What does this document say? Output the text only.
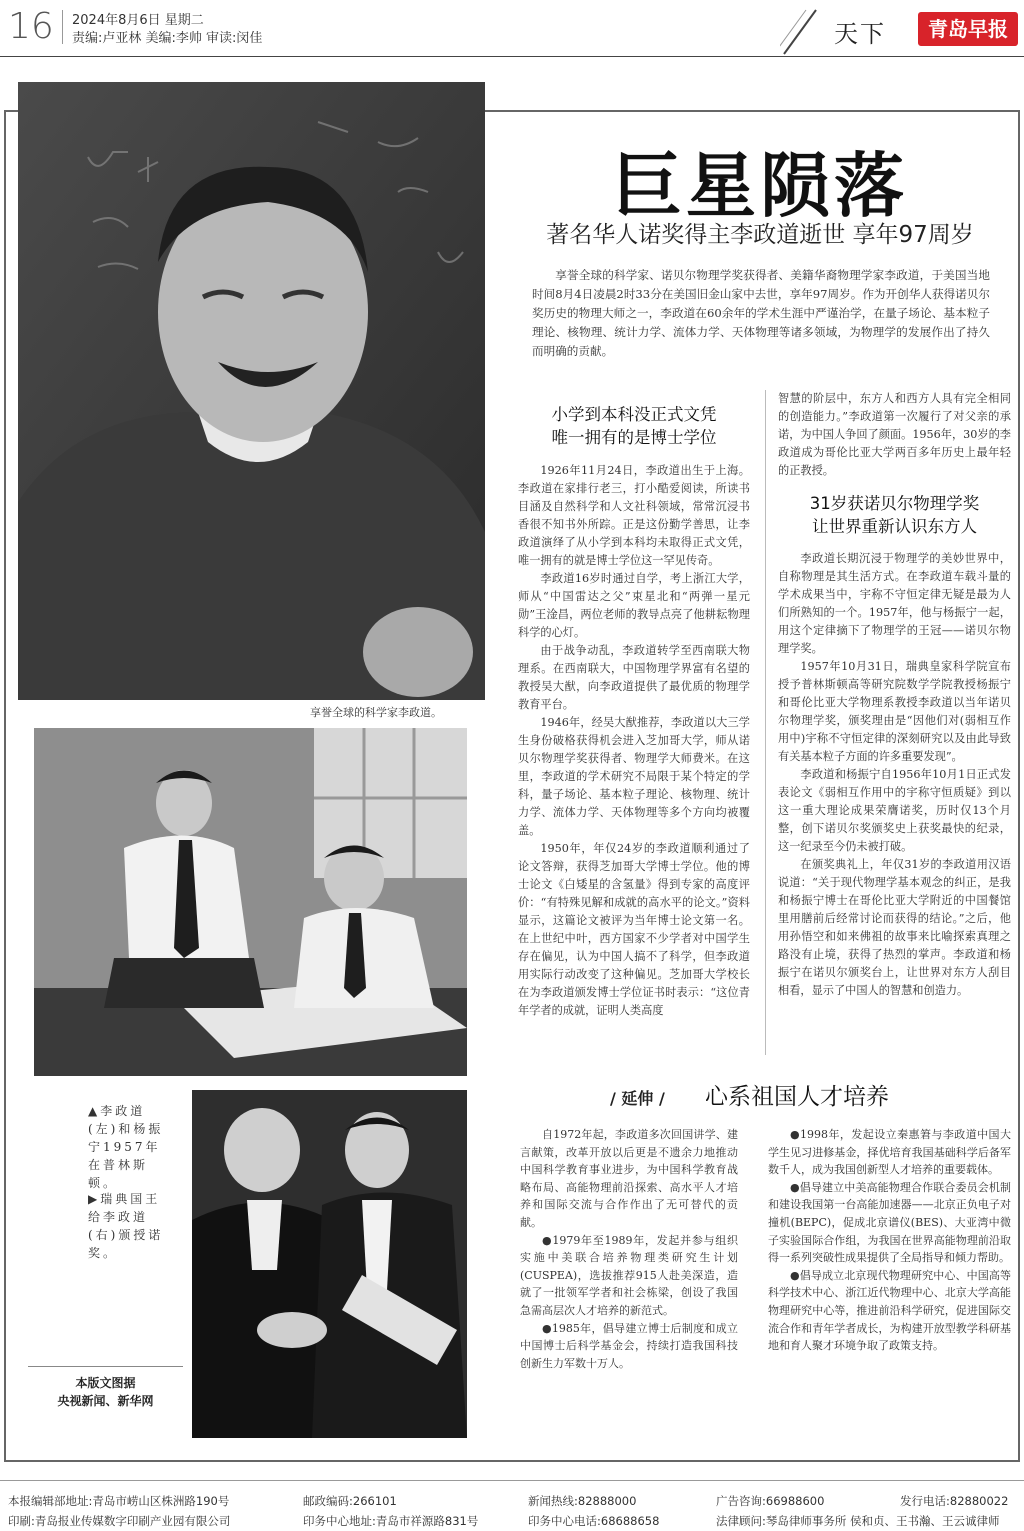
16 2024年8月6日 星期二
责编:卢亚林 美编:李帅 审读:闵佳	天下	青岛早报
享誉全球的科学家李政道。
▲李政道(左)和杨振宁1957年在普林斯顿。
▶瑞典国王给李政道(右)颁授诺奖。
本版文图据
央视新闻、新华网
巨星陨落
著名华人诺奖得主李政道逝世 享年97周岁

享誉全球的科学家、诺贝尔物理学奖获得者、美籍华裔物理学家李政道，于美国当地时间8月4日凌晨2时33分在美国旧金山家中去世，享年97周岁。作为开创华人获得诺贝尔奖历史的物理大师之一，李政道在60余年的学术生涯中严谨治学，在量子场论、基本粒子理论、核物理、统计力学、流体力学、天体物理等诸多领域，为物理学的发展作出了持久而明确的贡献。

小学到本科没正式文凭
唯一拥有的是博士学位

1926年11月24日，李政道出生于上海。李政道在家排行老三，打小酷爱阅读，所读书目涵及自然科学和人文社科领域，常常沉浸书香很不知书外所踪。正是这份勤学善思，让李政道演绎了从小学到本科均未取得正式文凭，唯一拥有的就是博士学位这一罕见传奇。

李政道16岁时通过自学，考上浙江大学，师从“中国雷达之父”束星北和“两弹一星元勋”王淦昌，两位老师的教导点亮了他耕耘物理科学的心灯。

由于战争动乱，李政道转学至西南联大物理系。在西南联大，中国物理学界富有名望的教授吴大猷，向李政道提供了最优质的物理学教育平台。

1946年，经吴大猷推荐，李政道以大三学生身份破格获得机会进入芝加哥大学，师从诺贝尔物理学奖获得者、物理学大师费米。在这里，李政道的学术研究不局限于某个特定的学科，量子场论、基本粒子理论、核物理、统计力学、流体力学、天体物理等多个方向均被覆盖。

1950年，年仅24岁的李政道顺利通过了论文答辩，获得芝加哥大学博士学位。他的博士论文《白矮星的含氢量》得到专家的高度评价：“有特殊见解和成就的高水平的论文。”资料显示，这篇论文被评为当年博士论文第一名。在上世纪中叶，西方国家不少学者对中国学生存在偏见，认为中国人搞不了科学，但李政道用实际行动改变了这种偏见。芝加哥大学校长在为李政道颁发博士学位证书时表示：“这位青年学者的成就，证明人类高度

智慧的阶层中，东方人和西方人具有完全相同的创造能力。”李政道第一次履行了对父亲的承诺，为中国人争回了颜面。1956年，30岁的李政道成为哥伦比亚大学两百多年历史上最年轻的正教授。

31岁获诺贝尔物理学奖
让世界重新认识东方人

李政道长期沉浸于物理学的美妙世界中，自称物理是其生活方式。在李政道车载斗量的学术成果当中，宇称不守恒定律无疑是最为人们所熟知的一个。1957年，他与杨振宁一起，用这个定律摘下了物理学的王冠——诺贝尔物理学奖。

1957年10月31日，瑞典皇家科学院宣布授予普林斯顿高等研究院数学学院教授杨振宁和哥伦比亚大学物理系教授李政道以当年诺贝尔物理学奖，颁奖理由是“因他们对(弱相互作用中)宇称不守恒定律的深刻研究以及由此导致有关基本粒子方面的许多重要发现”。

李政道和杨振宁自1956年10月1日正式发表论文《弱相互作用中的宇称守恒质疑》到以这一重大理论成果荣膺诺奖，历时仅13个月整，创下诺贝尔奖颁奖史上获奖最快的纪录，这一纪录至今仍未被打破。

在颁奖典礼上，年仅31岁的李政道用汉语说道：“关于现代物理学基本观念的纠正，是我和杨振宁博士在哥伦比亚大学附近的中国餐馆里用膳前后经常讨论而获得的结论。”之后，他用孙悟空和如来佛祖的故事来比喻探索真理之路没有止境，获得了热烈的掌声。李政道和杨振宁在诺贝尔颁奖台上，让世界对东方人刮目相看，显示了中国人的智慧和创造力。

/ 延伸 / 心系祖国人才培养

自1972年起，李政道多次回国讲学、建言献策，改革开放以后更是不遗余力地推动中国科学教育事业进步，为中国科学教育战略布局、高能物理前沿探索、高水平人才培养和国际交流与合作作出了无可替代的贡献。

●1979年至1989年，发起并参与组织实施中美联合培养物理类研究生计划(CUSPEA)，选拔推荐915人赴美深造，造就了一批领军学者和社会栋梁，创设了我国急需高层次人才培养的新范式。

●1985年，倡导建立博士后制度和成立中国博士后科学基金会，持续打造我国科技创新生力军数十万人。

●1998年，发起设立秦惠䇹与李政道中国大学生见习进修基金，择优培育我国基础科学后备军数千人，成为我国创新型人才培养的重要载体。

●倡导建立中美高能物理合作联合委员会机制和建设我国第一台高能加速器——北京正负电子对撞机(BEPC)，促成北京谱仪(BES)、大亚湾中微子实验国际合作组，为我国在世界高能物理前沿取得一系列突破性成果提供了全局指导和倾力帮助。

●倡导成立北京现代物理研究中心、中国高等科学技术中心、浙江近代物理中心、北京大学高能物理研究中心等，推进前沿科学研究，促进国际交流合作和青年学者成长，为构建开放型教学科研基地和育人聚才环境争取了政策支持。

本报编辑部地址:青岛市崂山区株洲路190号	邮政编码:266101	新闻热线:82888000	广告咨询:66988600	发行电话:82880022
印刷:青岛报业传媒数字印刷产业园有限公司	印务中心地址:青岛市祥源路831号	印务中心电话:68688658	法律顾问:琴岛律师事务所 侯和贞、王书瀚、王云诚律师
